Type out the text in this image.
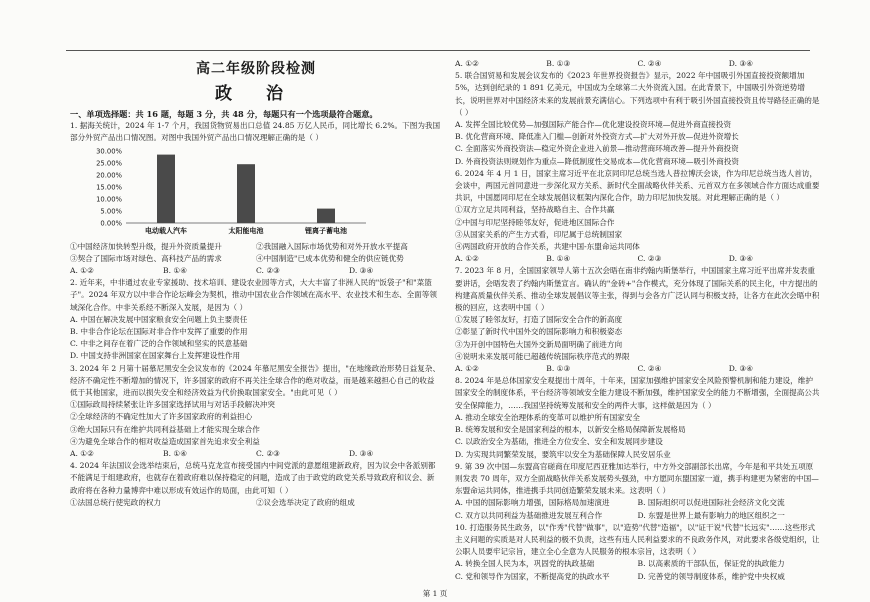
高二年级阶段检测
政 治

一、单项选择题：共 16 题，每题 3 分，共 48 分，每题只有一个选项最符合题意。

1. 据海关统计，2024 年 1-7 个月，我国货物贸易出口总值 24.85 万亿人民币，同比增长 6.2%。下图为我国部分外贸产品出口情况图。对图中我国外贸产品出口情况理解正确的是（ ）

30.00%
25.00%
20.00%
15.00%
10.00%
5.00%
0.00%
电动载人汽车	太阳能电池	锂离子蓄电池
①中国经济加快转型升级，提升外资质量提升	②我国融入国际市场优势和对外开放水平提高
③契合了国际市场对绿色、高科技产品的需求	④中国制造"已成本优势和健全的供应链优势
A. ①②	B. ①④	C. ②③	D. ③④

2. 近年来，中非通过农业专家援助、技术培训、建设农业园等方式，大大丰富了非洲人民的"饭袋子"和"菜篮子"。2024 年双方以中非合作论坛峰会为契机，推动中国农业合作领域在高水平、农业技术和生态、全面等领域深化合作。中非关系经不断深入发展，是因为（ ）

A. 中国在解决发展中国家粮食安全问题上负主要责任

B. 中非合作论坛在国际对非合作中发挥了重要的作用

C. 中非之间存在着广泛的合作领域和坚实的民意基础

D. 中国支持非洲国家在国家舞台上发挥建设性作用

3. 2024 年 2 月第十届慕尼黑安全会议发布的《2024 年慕尼黑安全报告》提出，"在地缘政治形势日益复杂、经济不确定性不断增加的情况下，许多国家的政府不再关注全球合作的绝对收益，而是越来越担心自己的收益低于其他国家，进而以损失安全和经济效益为代价换取国家安全。"由此可见（ ）

①国际政局持续紧张让许多国家选择试用与对话手段解决冲突

②全球经济的不确定性加大了许多国家政府的利益担心

③绝大国际只有在维护共同利益基础上才能实现全球合作

④为避免全球合作的相对收益造成国家首先追求安全利益

A. ①②	B. ①④	C. ②③	D. ③④

4. 2024 年法国议会选举结束后，总统马克龙宣布接受国内中间党派的意愿组建新政府，因为议会中各派别都不能满足于组建政府，也就存在着政府难以保持稳定的问题，造成了由于政党的政党关系导致政府和议会、新政府将在各种力量博弈中难以形成有效运作的局面，由此可知（ ）

①法国总统行使宪政的权力	②议会选举决定了政府的组成
A. ①②	B. ①③	C. ②④	D. ③④

5. 联合国贸易和发展会议发布的《2023 年世界投资报告》显示，2022 年中国吸引外国直接投资额增加 5%，达到创纪录的 1 891 亿美元，中国成为全球第二大外资流入国。在此背景下，中国吸引外资逆势增长，说明世界对中国经济未来的发展前景充满信心。下列选项中有利于吸引外国直接投资且传导路径正确的是（ ）

A. 发挥全国比较优势—加强国际产能合作—优化建设投资环境—促进外商直接投资

B. 优化营商环境、降低准入门槛—创新对外投资方式—扩大对外开放—促进外资增长

C. 全面落实外商投资法—稳定外资企业进入前景—推动营商环境改善—提升外商投资

D. 外商投资法则规划作为重点—降低制度性交易成本—优化营商环境—吸引外商投资

6. 2024 年 4 月 1 日，国家主席习近平在北京同印尼总统当选人普拉博沃会谈，作为印尼总统当选人首访，会谈中，两国元首同意进一步深化双方关系、新时代全面战略伙伴关系、元首双方在多领域合作方面达成重要共识，中国愿同印尼在全球发展倡议框架内深化合作，助力印尼加快发展。对此理解正确的是（ ）

①双方立足共同利益，坚持战略自主、合作共赢

②中国与印尼坚持睦邻友好，促进地区国际合作

③从国家关系的产生方式看，印尼属于总统制国家

④两国政府开放的合作关系，共建中国-东盟命运共同体

A. ①②	B. ①④	C. ②③	D. ③④

7. 2023 年 8 月，全国国家领导人第十五次会晤在南非约翰内斯堡举行，中国国家主席习近平出席并发表重要讲话，会晤发表了约翰内斯堡宣言。确认的"金砖+"合作模式，充分体现了国际关系的民主化，中方提出的构建高质量伙伴关系、推动全球发展倡议等主张，得到与会各方广泛认同与积极支持，让各方在此次会晤中积极的回应，这表明中国（ ）

①发展了睦邻友好，打造了国际安全合作的新高度

②彰显了新时代中国外交的国际影响力和积极姿态

③为开创中国特色大国外交新局面明确了前进方向

④说明未来发展可能已超越传统国际秩序范式的界限

A. ①②	B. ①③	C. ②④	D. ③④

8. 2024 年是总体国家安全观提出十周年，十年来，国家加强维护国家安全风险预警机制和能力建设，维护国家安全的制度体系，平台经济等领域安全能力建设不断加强，维护国家安全的能力不断增强，全面提高公共安全保障能力，……我国坚持统筹发展和安全的两件大事，这样做是因为（ ）

A. 推动全球安全治理体系的变革可以维护所有国家安全

B. 统筹发展和安全是国家利益的根本，以新安全格局保障新发展格局

C. 以政治安全为基础，推进全方位安全、安全和发展同步建设

D. 为实现共同繁荣发展，要筑牢以安全为基础保障人民安居乐业

9. 第 39 次中国—东盟高官磋商在印度尼西亚雅加达举行，中方外交部副部长出席，今年是和平共处五项原则发表 70 周年，双方全面战略伙伴关系发展势头强劲，中方愿同东盟国家一道，携手构建更为紧密的中国—东盟命运共同体，推进携手共同创造繁荣发展未来。这表明（ ）

A. 中国的国际影响力增强，国际格局加速演进	B. 国际组织可以促进国际社会经济文化交流
C. 双方以共同利益为基础推进发展互利合作	D. 东盟是世界上最有影响力的地区组织之一

10. 打造服务民生政务，以"作秀"代替"做事"，以"造势"代替"造福"，以"证干说"代替"长远实"……这些形式主义问题的实质是对人民利益的极不负责，这些有违人民利益要求的不良政务作风，对此要求各级党组织，让公职人员要牢记宗旨，建立全心全意为人民服务的根本宗旨，这表明（ ）

A. 转换全国人民为本，巩固党的执政基础	B. 以高素质的干部队伍，保证党的执政能力
C. 党和领导作为国家，不断提高党的执政水平	D. 完善党的领导制度体系，维护党中央权威
第 1 页
